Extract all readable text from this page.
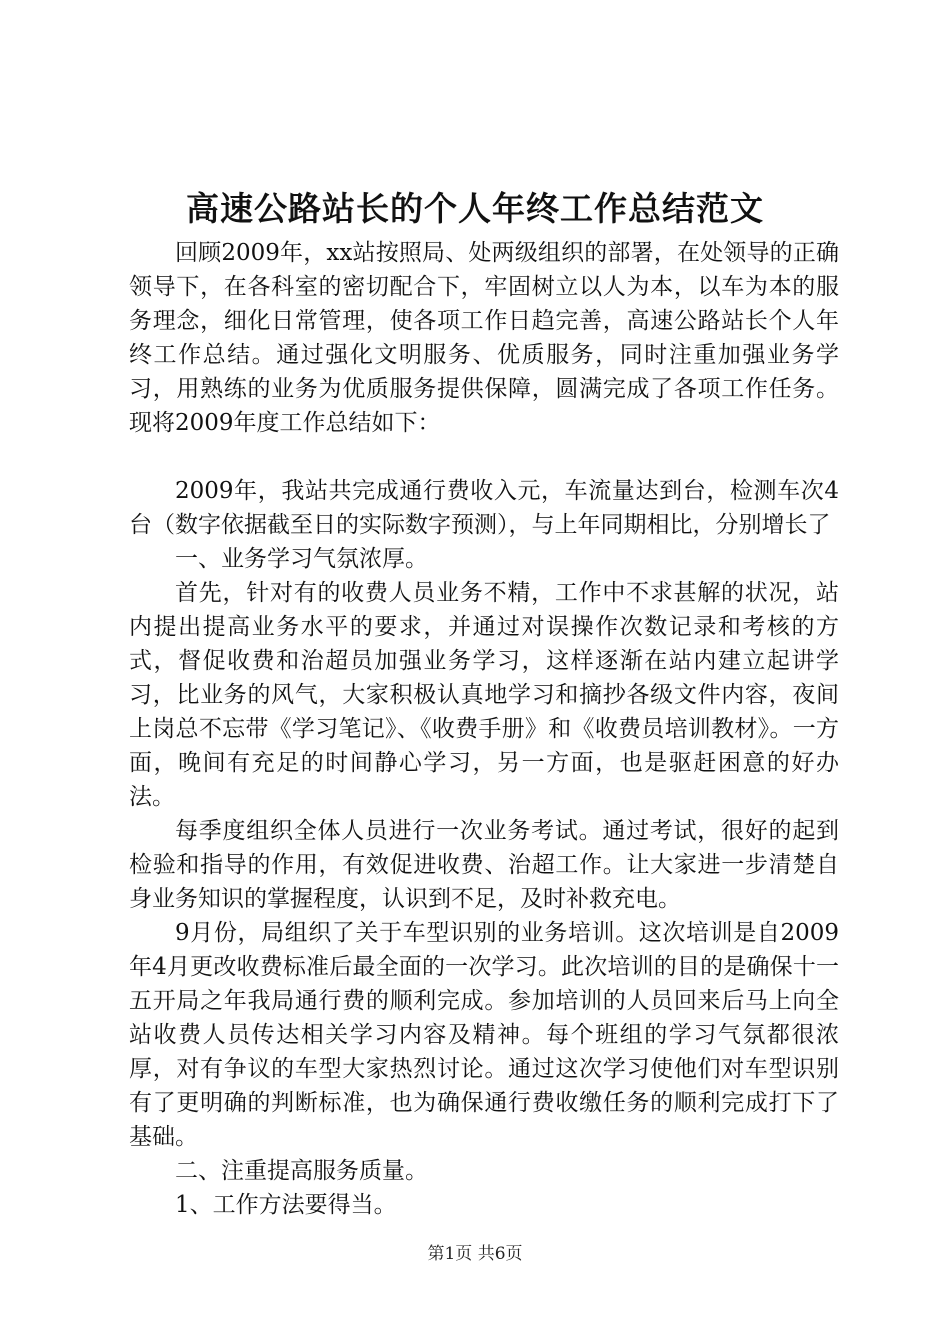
高速公路站长的个人年终工作总结范文

回顾2009年，xx站按照局、处两级组织的部署，在处领导的正确领导下，在各科室的密切配合下，牢固树立以人为本，以车为本的服务理念，细化日常管理，使各项工作日趋完善，高速公路站长个人年终工作总结。通过强化文明服务、优质服务，同时注重加强业务学习，用熟练的业务为优质服务提供保障，圆满完成了各项工作任务。现将2009年度工作总结如下：

2009年，我站共完成通行费收入元，车流量达到台，检测车次4台（数字依据截至日的实际数字预测），与上年同期相比，分别增长了

一、业务学习气氛浓厚。

首先，针对有的收费人员业务不精，工作中不求甚解的状况，站内提出提高业务水平的要求，并通过对误操作次数记录和考核的方式，督促收费和治超员加强业务学习，这样逐渐在站内建立起讲学习，比业务的风气，大家积极认真地学习和摘抄各级文件内容，夜间上岗总不忘带《学习笔记》、《收费手册》和《收费员培训教材》。一方面，晚间有充足的时间静心学习，另一方面，也是驱赶困意的好办法。

每季度组织全体人员进行一次业务考试。通过考试，很好的起到检验和指导的作用，有效促进收费、治超工作。让大家进一步清楚自身业务知识的掌握程度，认识到不足，及时补救充电。

9月份，局组织了关于车型识别的业务培训。这次培训是自2009年4月更改收费标准后最全面的一次学习。此次培训的目的是确保十一五开局之年我局通行费的顺利完成。参加培训的人员回来后马上向全站收费人员传达相关学习内容及精神。每个班组的学习气氛都很浓厚，对有争议的车型大家热烈讨论。通过这次学习使他们对车型识别有了更明确的判断标准，也为确保通行费收缴任务的顺利完成打下了基础。

二、注重提高服务质量。

1、工作方法要得当。

第1页 共6页
